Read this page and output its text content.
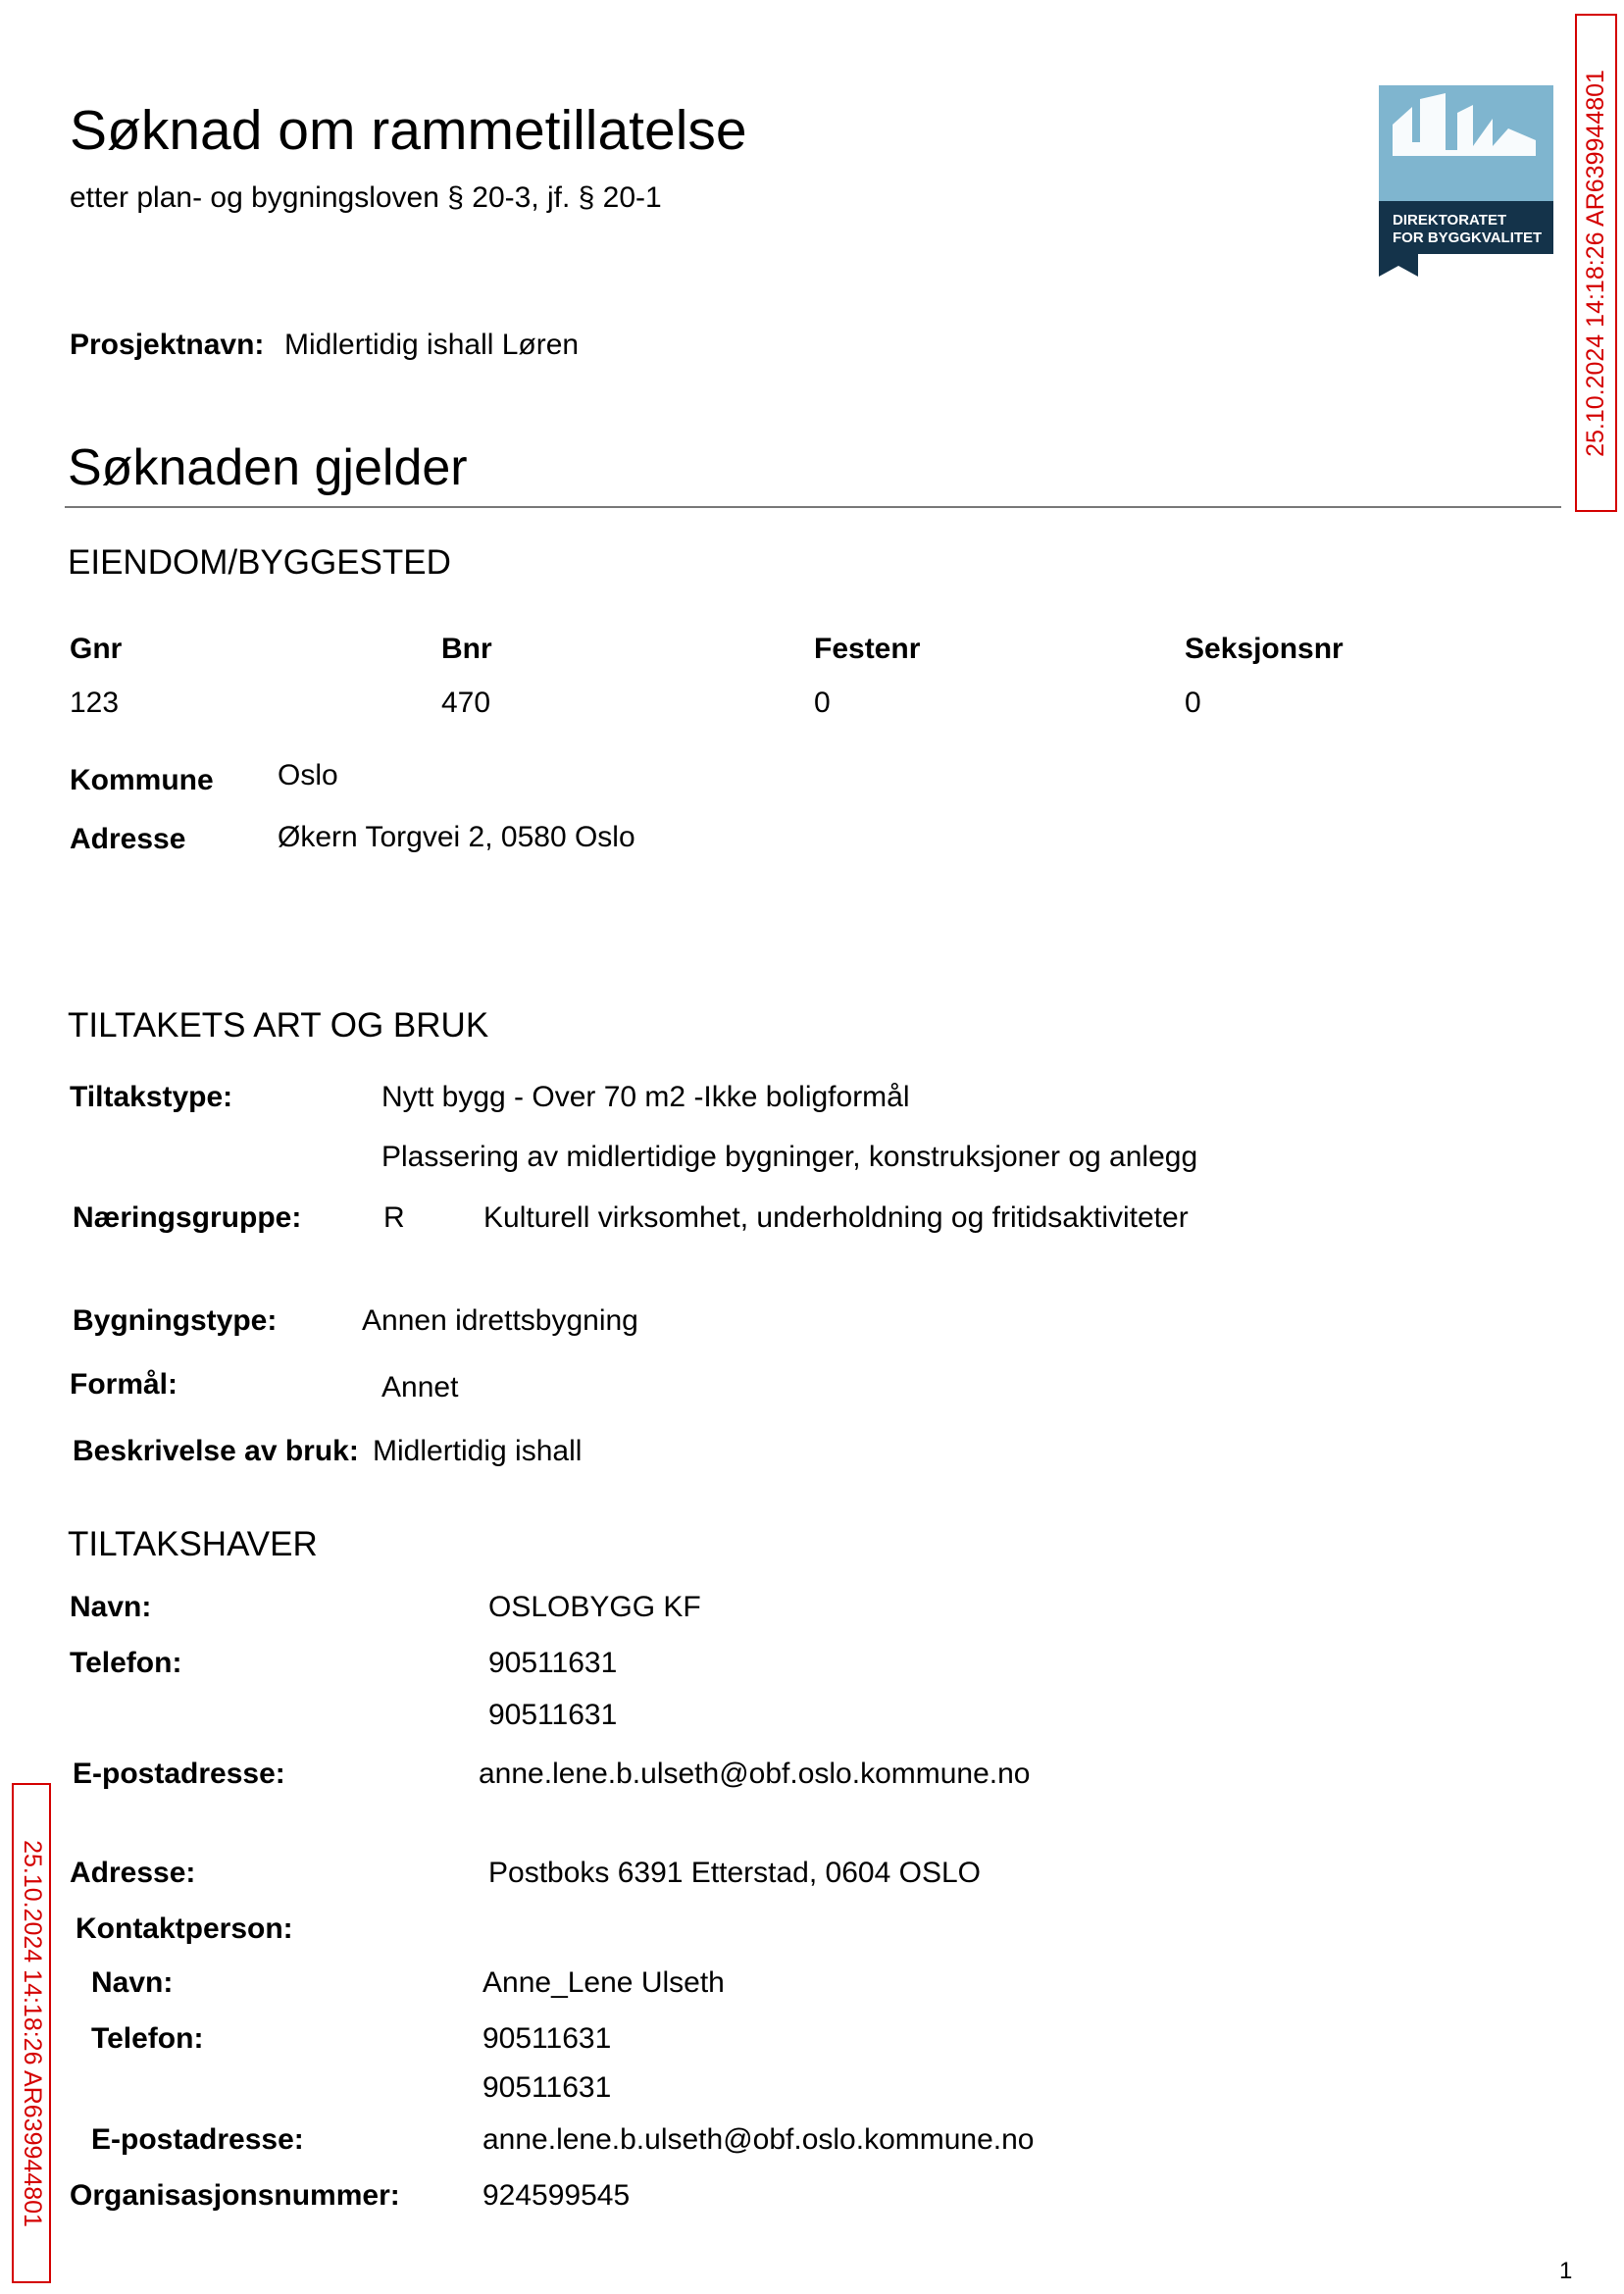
Søknad om rammetillatelse
etter plan- og bygningsloven § 20-3, jf. § 20-1
DIREKTORATET
FOR BYGGKVALITET 25.10.2024 14:18:26 AR639944801
25.10.2024 14:18:26 AR639944801
Prosjektnavn: Midlertidig ishall Løren
Søknaden gjelder
EIENDOM/BYGGESTED
Gnr	Bnr	Festenr	Seksjonsnr
123	470	0	0
Kommune Oslo
Adresse	Økern Torgvei 2, 0580 Oslo
TILTAKETS ART OG BRUK
Tiltakstype:	Nytt bygg - Over 70 m2 -Ikke boligformål
Plassering av midlertidige bygninger, konstruksjoner og anlegg
Næringsgruppe:	R	Kulturell virksomhet, underholdning og fritidsaktiviteter
Bygningstype:	Annen idrettsbygning
Formål:	Annet
Beskrivelse av bruk: Midlertidig ishall
TILTAKSHAVER
Navn:	OSLOBYGG KF
Telefon:	90511631
90511631
E-postadresse:	anne.lene.b.ulseth@obf.oslo.kommune.no
Adresse:	Postboks 6391 Etterstad, 0604 OSLO
Kontaktperson:
Navn:	Anne_Lene Ulseth
Telefon:	90511631
90511631
E-postadresse:	anne.lene.b.ulseth@obf.oslo.kommune.no
Organisasjonsnummer:	924599545
1
